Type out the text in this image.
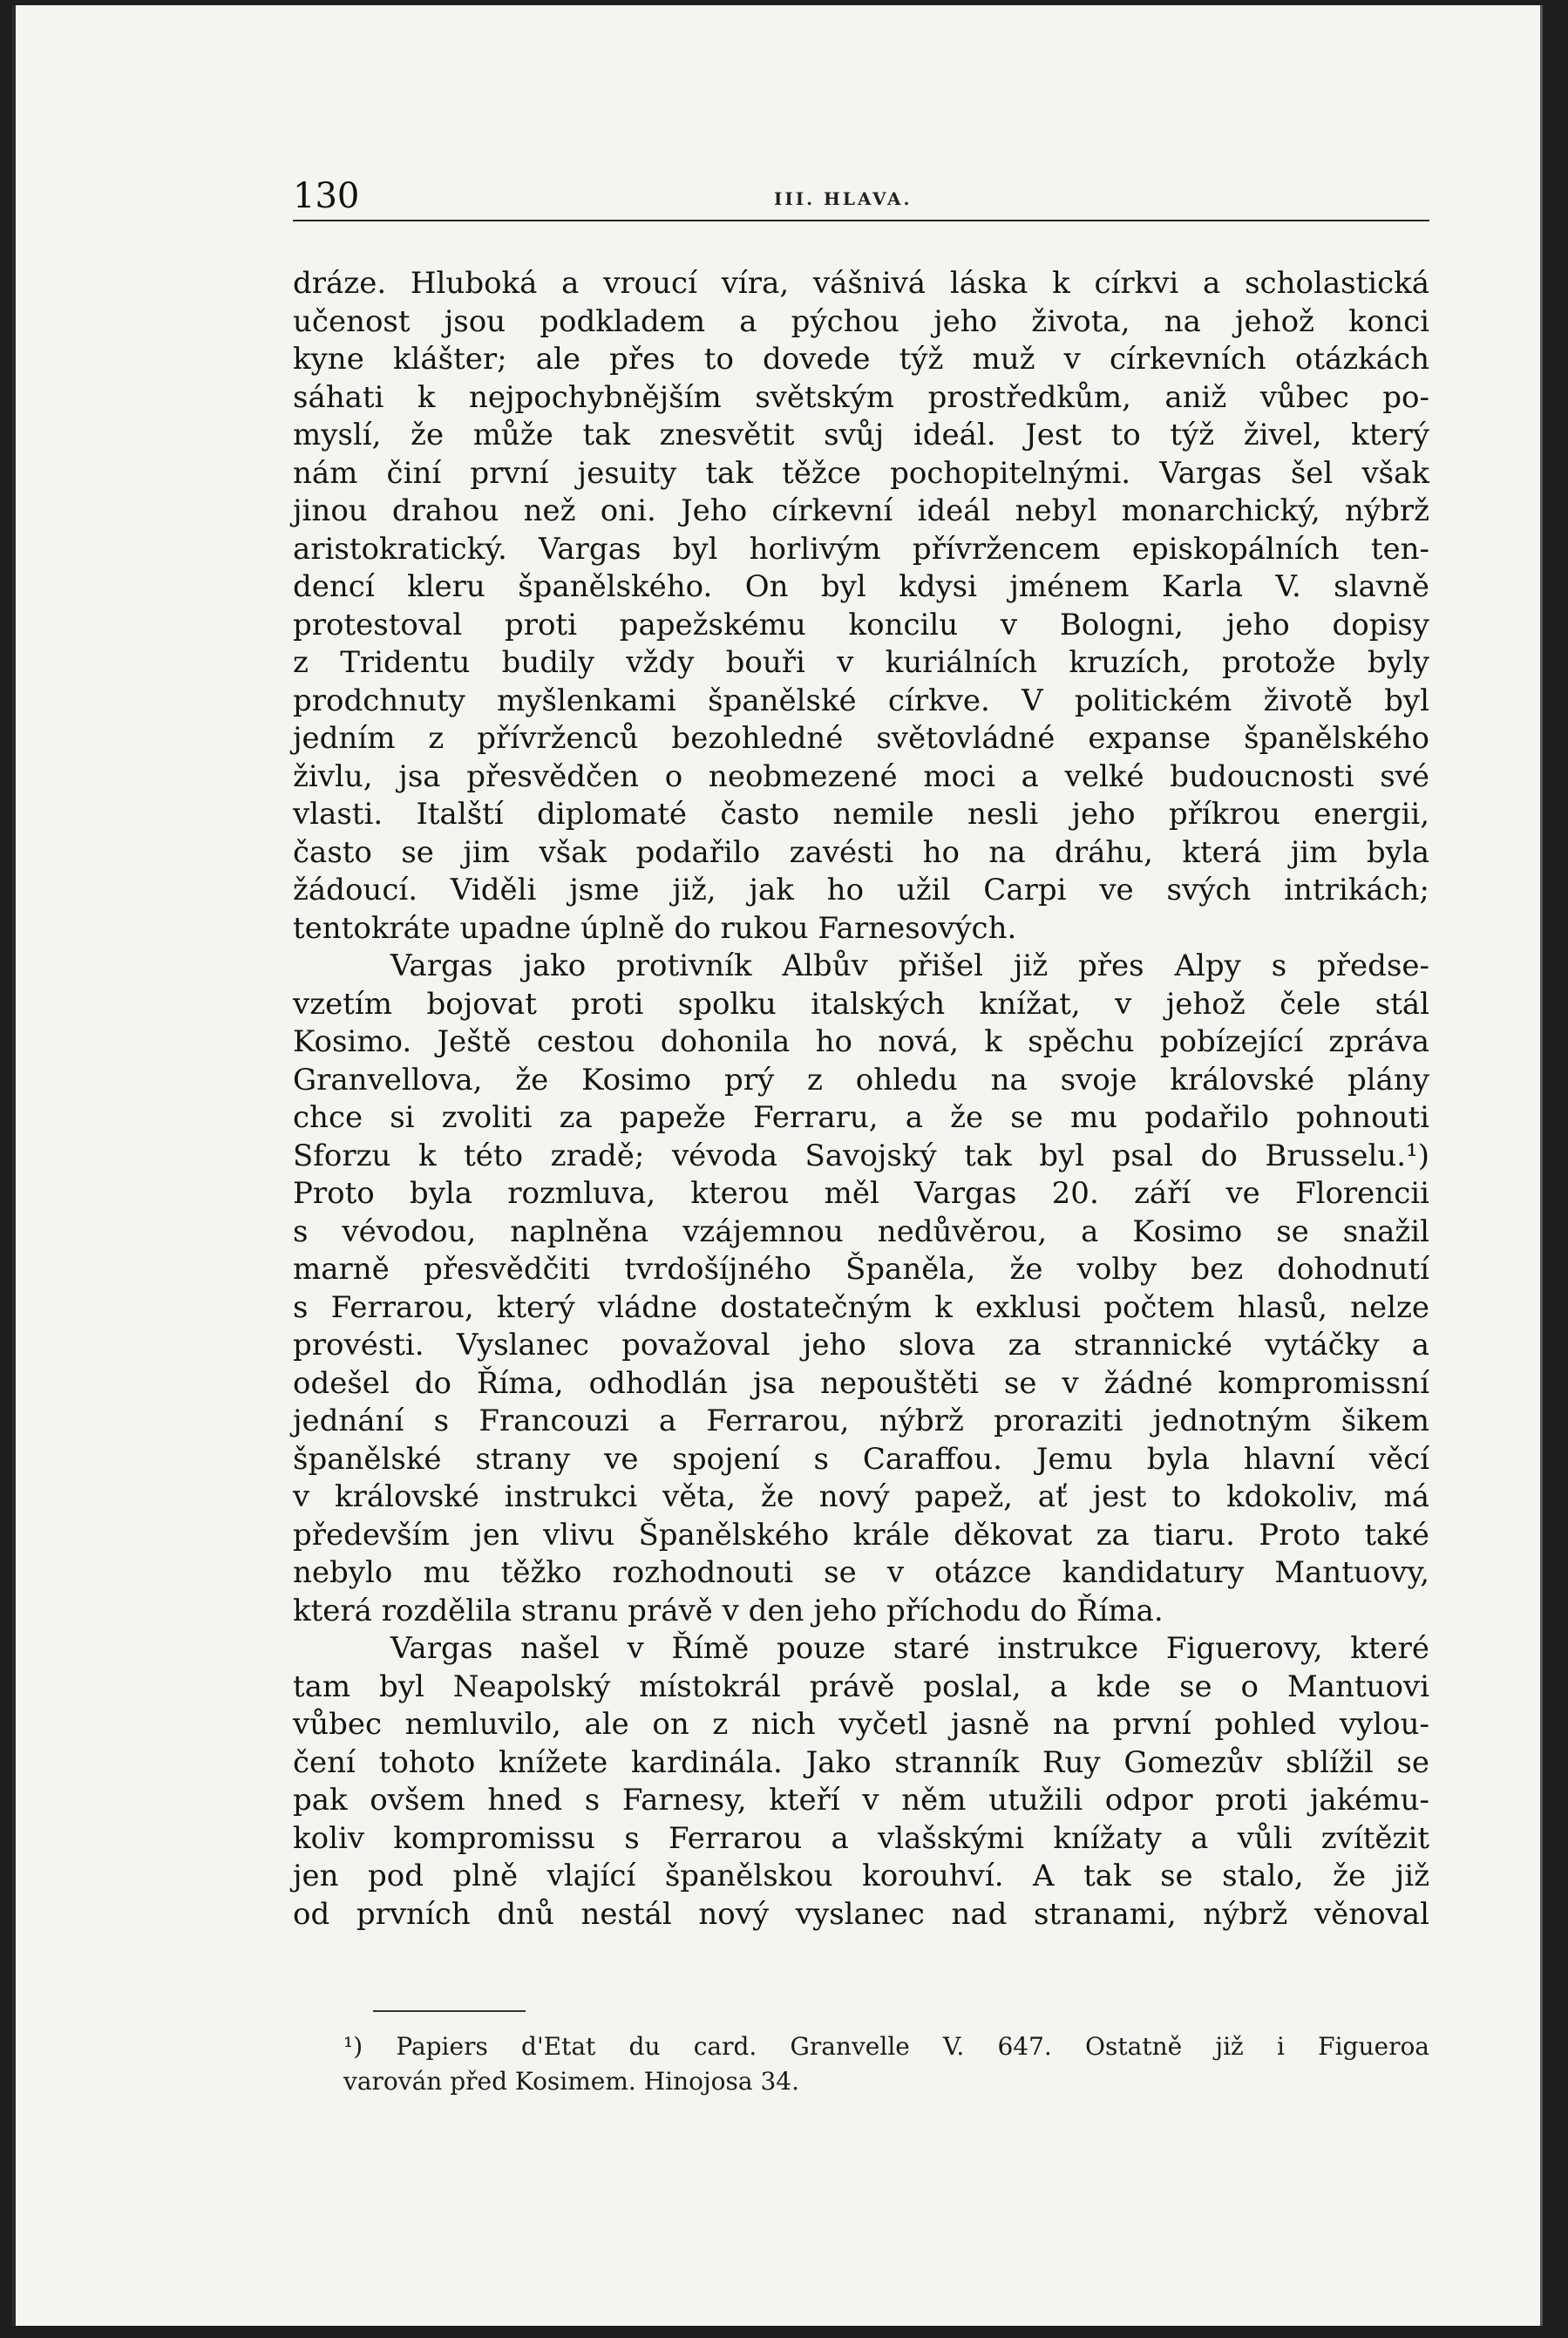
130	III. HLAVA.

dráze. Hluboká a vroucí víra, vášnivá láska k církvi a scholastická
učenost jsou podkladem a pýchou jeho života, na jehož konci
kyne klášter; ale přes to dovede týž muž v církevních otázkách
sáhati k nejpochybnějším světským prostředkům, aniž vůbec po-
myslí, že může tak znesvětit svůj ideál. Jest to týž živel, který
nám činí první jesuity tak těžce pochopitelnými. Vargas šel však
jinou drahou než oni. Jeho církevní ideál nebyl monarchický, nýbrž
aristokratický. Vargas byl horlivým přívržencem episkopálních ten-
dencí kleru španělského. On byl kdysi jménem Karla V. slavně
protestoval proti papežskému koncilu v Bologni, jeho dopisy
z Tridentu budily vždy bouři v kuriálních kruzích, protože byly
prodchnuty myšlenkami španělské církve. V politickém životě byl
jedním z přívrženců bezohledné světovládné expanse španělského
živlu, jsa přesvědčen o neobmezené moci a velké budoucnosti své
vlasti. Italští diplomaté často nemile nesli jeho příkrou energii,
často se jim však podařilo zavésti ho na dráhu, která jim byla
žádoucí. Viděli jsme již, jak ho užil Carpi ve svých intrikách;
tentokráte upadne úplně do rukou Farnesových.

Vargas jako protivník Albův přišel již přes Alpy s předse-
vzetím bojovat proti spolku italských knížat, v jehož čele stál
Kosimo. Ještě cestou dohonila ho nová, k spěchu pobízející zpráva
Granvellova, že Kosimo prý z ohledu na svoje královské plány
chce si zvoliti za papeže Ferraru, a že se mu podařilo pohnouti
Sforzu k této zradě; vévoda Savojský tak byl psal do Brusselu.¹)
Proto byla rozmluva, kterou měl Vargas 20. září ve Florencii
s vévodou, naplněna vzájemnou nedůvěrou, a Kosimo se snažil
marně přesvědčiti tvrdošíjného Španěla, že volby bez dohodnutí
s Ferrarou, který vládne dostatečným k exklusi počtem hlasů, nelze
provésti. Vyslanec považoval jeho slova za strannické vytáčky a
odešel do Říma, odhodlán jsa nepouštěti se v žádné kompromissní
jednání s Francouzi a Ferrarou, nýbrž proraziti jednotným šikem
španělské strany ve spojení s Caraffou. Jemu byla hlavní věcí
v královské instrukci věta, že nový papež, ať jest to kdokoliv, má
především jen vlivu Španělského krále děkovat za tiaru. Proto také
nebylo mu těžko rozhodnouti se v otázce kandidatury Mantuovy,
která rozdělila stranu právě v den jeho příchodu do Říma.

Vargas našel v Římě pouze staré instrukce Figuerovy, které
tam byl Neapolský místokrál právě poslal, a kde se o Mantuovi
vůbec nemluvilo, ale on z nich vyčetl jasně na první pohled vylou-
čení tohoto knížete kardinála. Jako stranník Ruy Gomezův sblížil se
pak ovšem hned s Farnesy, kteří v něm utužili odpor proti jakému-
koliv kompromissu s Ferrarou a vlašskými knížaty a vůli zvítězit
jen pod plně vlající španělskou korouhví. A tak se stalo, že již
od prvních dnů nestál nový vyslanec nad stranami, nýbrž věnoval

¹) Papiers d'Etat du card. Granvelle V. 647. Ostatně již i Figueroa
varován před Kosimem. Hinojosa 34.
